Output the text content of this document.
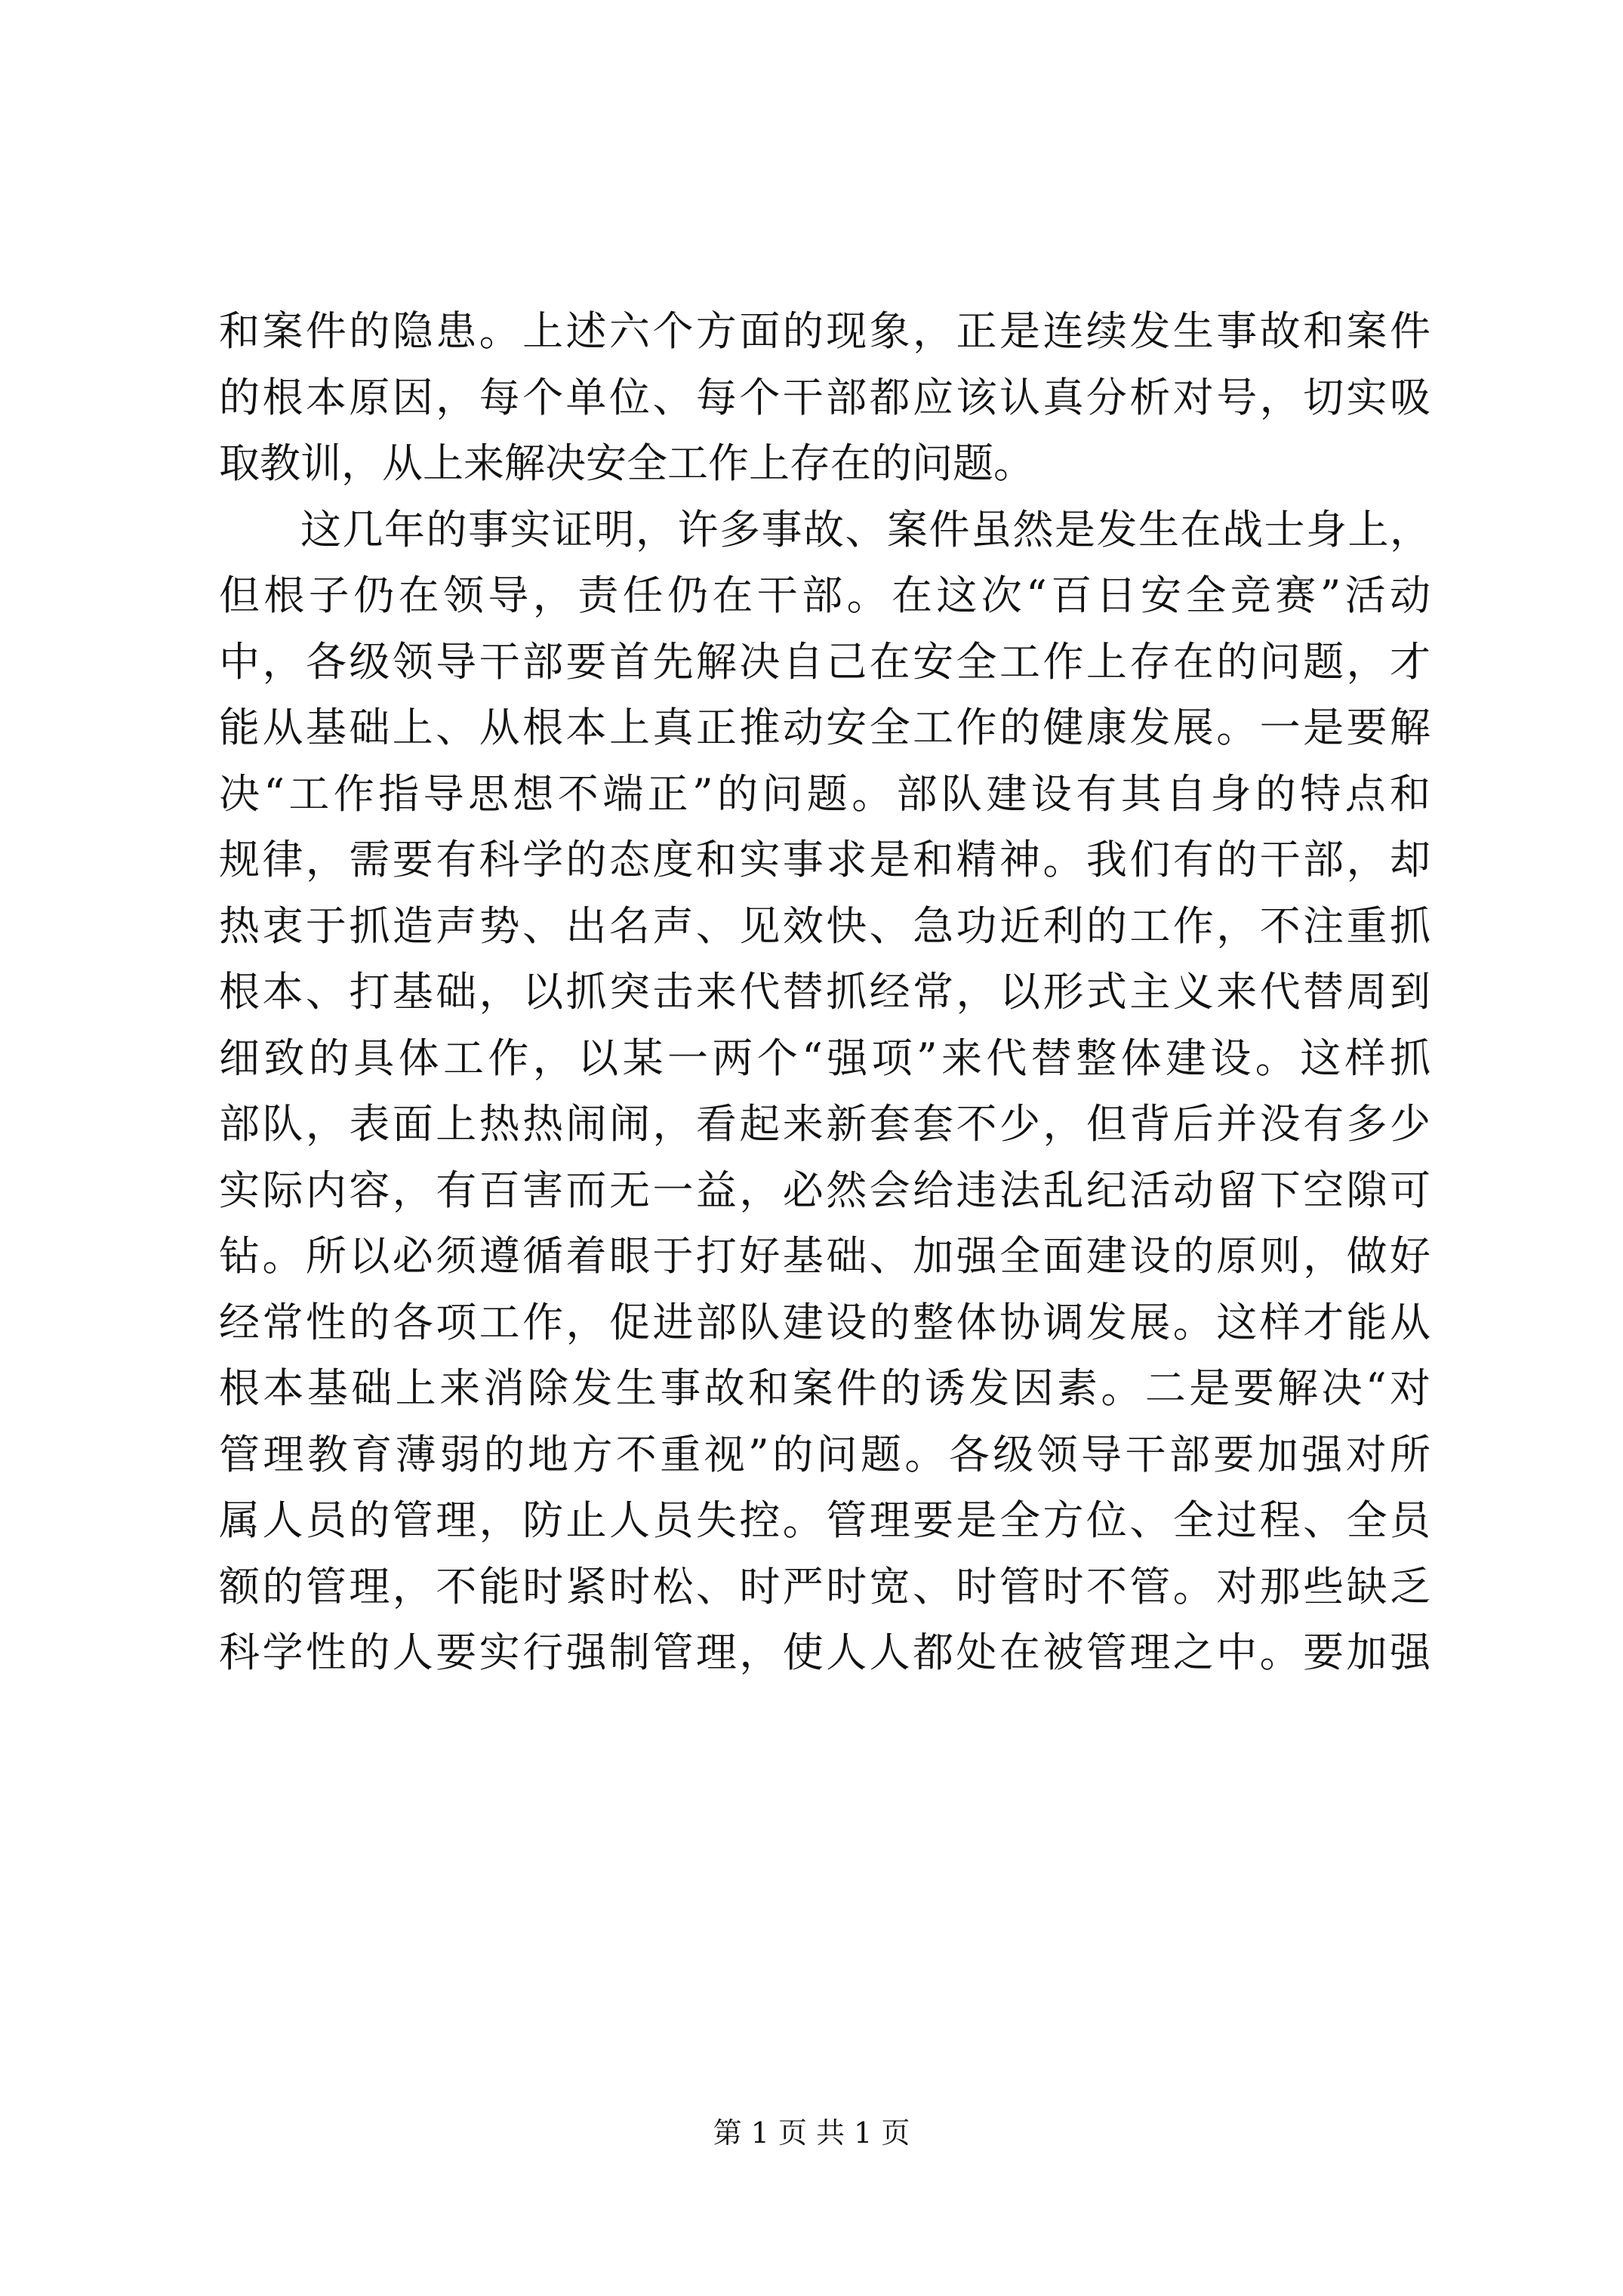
和案件的隐患。上述六个方面的现象，正是连续发生事故和案件
的根本原因，每个单位、每个干部都应该认真分析对号，切实吸
取教训，从上来解决安全工作上存在的问题。
这几年的事实证明，许多事故、案件虽然是发生在战士身上，
但根子仍在领导，责任仍在干部。在这次“百日安全竞赛”活动
中，各级领导干部要首先解决自己在安全工作上存在的问题，才
能从基础上、从根本上真正推动安全工作的健康发展。一是要解
决“工作指导思想不端正”的问题。部队建设有其自身的特点和
规律，需要有科学的态度和实事求是和精神。我们有的干部，却
热衷于抓造声势、出名声、见效快、急功近利的工作，不注重抓
根本、打基础，以抓突击来代替抓经常，以形式主义来代替周到
细致的具体工作，以某一两个“强项”来代替整体建设。这样抓
部队，表面上热热闹闹，看起来新套套不少，但背后并没有多少
实际内容，有百害而无一益，必然会给违法乱纪活动留下空隙可
钻。所以必须遵循着眼于打好基础、加强全面建设的原则，做好
经常性的各项工作，促进部队建设的整体协调发展。这样才能从
根本基础上来消除发生事故和案件的诱发因素。二是要解决“对
管理教育薄弱的地方不重视”的问题。各级领导干部要加强对所
属人员的管理，防止人员失控。管理要是全方位、全过程、全员
额的管理，不能时紧时松、时严时宽、时管时不管。对那些缺乏
科学性的人要实行强制管理，使人人都处在被管理之中。要加强
第 1 页 共 1 页
